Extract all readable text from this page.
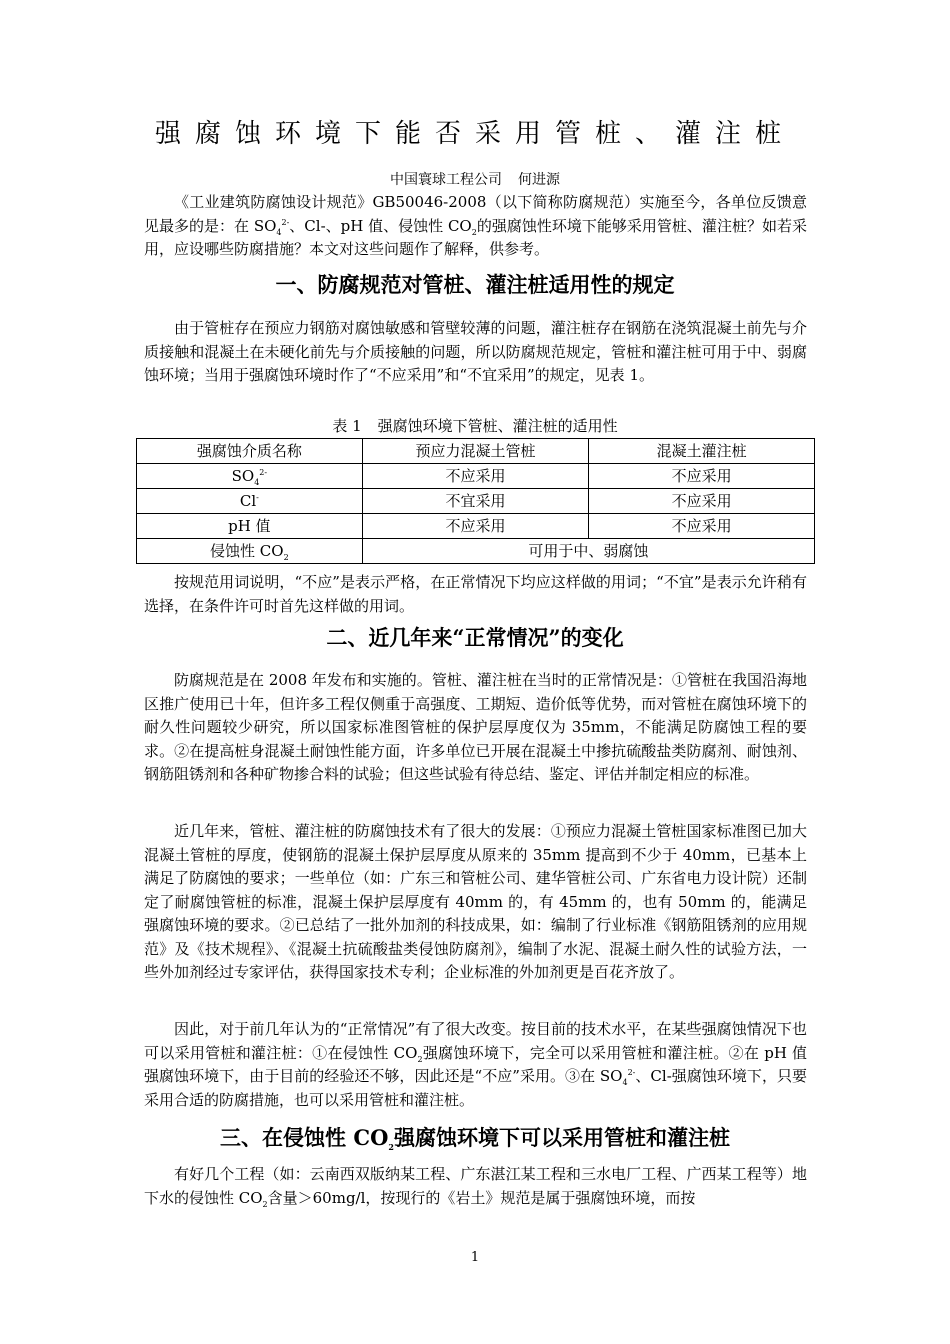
强腐蚀环境下能否采用管桩、灌注桩
中国寰球工程公司 何进源

《工业建筑防腐蚀设计规范》GB50046-2008（以下简称防腐规范）实施至今，各单位反馈意见最多的是：在 $SO_4^{2-}$、Cl-、pH 值、侵蚀性 $CO_2$的强腐蚀性环境下能够采用管桩、灌注桩？如若采用，应设哪些防腐措施？本文对这些问题作了解释，供参考。

一、防腐规范对管桩、灌注桩适用性的规定

由于管桩存在预应力钢筋对腐蚀敏感和管壁较薄的问题，灌注桩存在钢筋在浇筑混凝土前先与介质接触和混凝土在未硬化前先与介质接触的问题，所以防腐规范规定，管桩和灌注桩可用于中、弱腐蚀环境；当用于强腐蚀环境时作了“不应采用”和“不宜采用”的规定，见表 1。

表 1 强腐蚀环境下管桩、灌注桩的适用性
强腐蚀介质名称	预应力混凝土管桩	混凝土灌注桩
$SO_4^{2-}$	不应采用	不应采用
Cl-	不宜采用	不应采用
pH 值	不应采用	不应采用
侵蚀性 $CO_2$	可用于中、弱腐蚀	

按规范用词说明，“不应”是表示严格，在正常情况下均应这样做的用词；“不宜”是表示允许稍有选择，在条件许可时首先这样做的用词。

二、近几年来“正常情况”的变化

防腐规范是在 2008 年发布和实施的。管桩、灌注桩在当时的正常情况是：①管桩在我国沿海地区推广使用已十年，但许多工程仅侧重于高强度、工期短、造价低等优势，而对管桩在腐蚀环境下的耐久性问题较少研究，所以国家标准图管桩的保护层厚度仅为 35mm，不能满足防腐蚀工程的要求。②在提高桩身混凝土耐蚀性能方面，许多单位已开展在混凝土中掺抗硫酸盐类防腐剂、耐蚀剂、钢筋阻锈剂和各种矿物掺合料的试验；但这些试验有待总结、鉴定、评估并制定相应的标准。

近几年来，管桩、灌注桩的防腐蚀技术有了很大的发展：①预应力混凝土管桩国家标准图已加大混凝土管桩的厚度，使钢筋的混凝土保护层厚度从原来的 35mm 提高到不少于 40mm，已基本上满足了防腐蚀的要求；一些单位（如：广东三和管桩公司、建华管桩公司、广东省电力设计院）还制定了耐腐蚀管桩的标准，混凝土保护层厚度有 40mm 的，有 45mm 的，也有 50mm 的，能满足强腐蚀环境的要求。②已总结了一批外加剂的科技成果，如：编制了行业标准《钢筋阻锈剂的应用规范》及《技术规程》、《混凝土抗硫酸盐类侵蚀防腐剂》，编制了水泥、混凝土耐久性的试验方法，一些外加剂经过专家评估，获得国家技术专利；企业标准的外加剂更是百花齐放了。

因此，对于前几年认为的“正常情况”有了很大改变。按目前的技术水平，在某些强腐蚀情况下也可以采用管桩和灌注桩：①在侵蚀性 $CO_2$强腐蚀环境下，完全可以采用管桩和灌注桩。②在 pH 值强腐蚀环境下，由于目前的经验还不够，因此还是“不应”采用。③在 $SO_4^{2-}$、Cl-强腐蚀环境下，只要采用合适的防腐措施，也可以采用管桩和灌注桩。

三、在侵蚀性 $CO_2$强腐蚀环境下可以采用管桩和灌注桩

有好几个工程（如：云南西双版纳某工程、广东湛江某工程和三水电厂工程、广西某工程等）地下水的侵蚀性 $CO_2$含量＞60mg/l，按现行的《岩土》规范是属于强腐蚀环境，而按

1
